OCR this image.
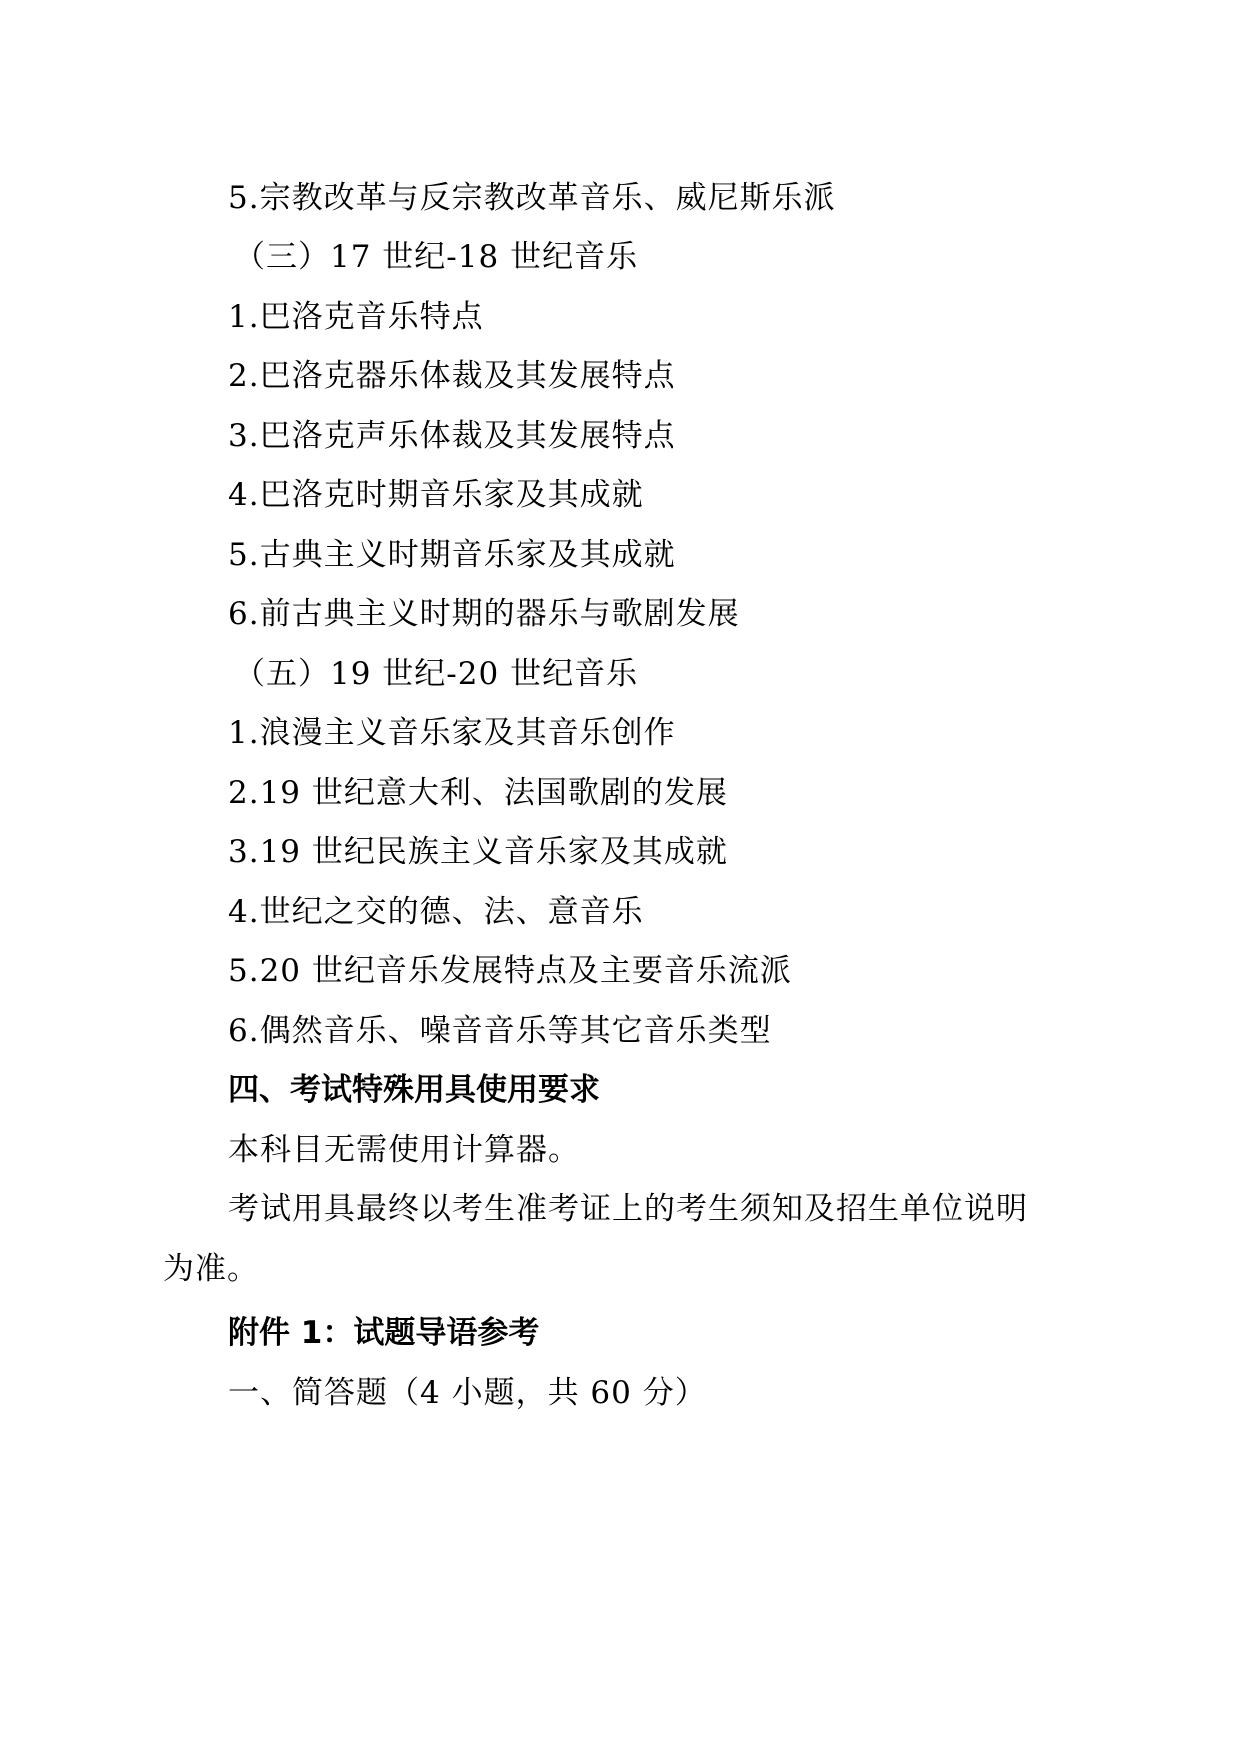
5.宗教改革与反宗教改革音乐、威尼斯乐派
（三）17 世纪-18 世纪音乐
1.巴洛克音乐特点
2.巴洛克器乐体裁及其发展特点
3.巴洛克声乐体裁及其发展特点
4.巴洛克时期音乐家及其成就
5.古典主义时期音乐家及其成就
6.前古典主义时期的器乐与歌剧发展
（五）19 世纪-20 世纪音乐
1.浪漫主义音乐家及其音乐创作
2.19 世纪意大利、法国歌剧的发展
3.19 世纪民族主义音乐家及其成就
4.世纪之交的德、法、意音乐
5.20 世纪音乐发展特点及主要音乐流派
6.偶然音乐、噪音音乐等其它音乐类型
四、考试特殊用具使用要求
本科目无需使用计算器。
考试用具最终以考生准考证上的考生须知及招生单位说明
为准。
附件 1：试题导语参考
一、简答题（4 小题，共 60 分）
